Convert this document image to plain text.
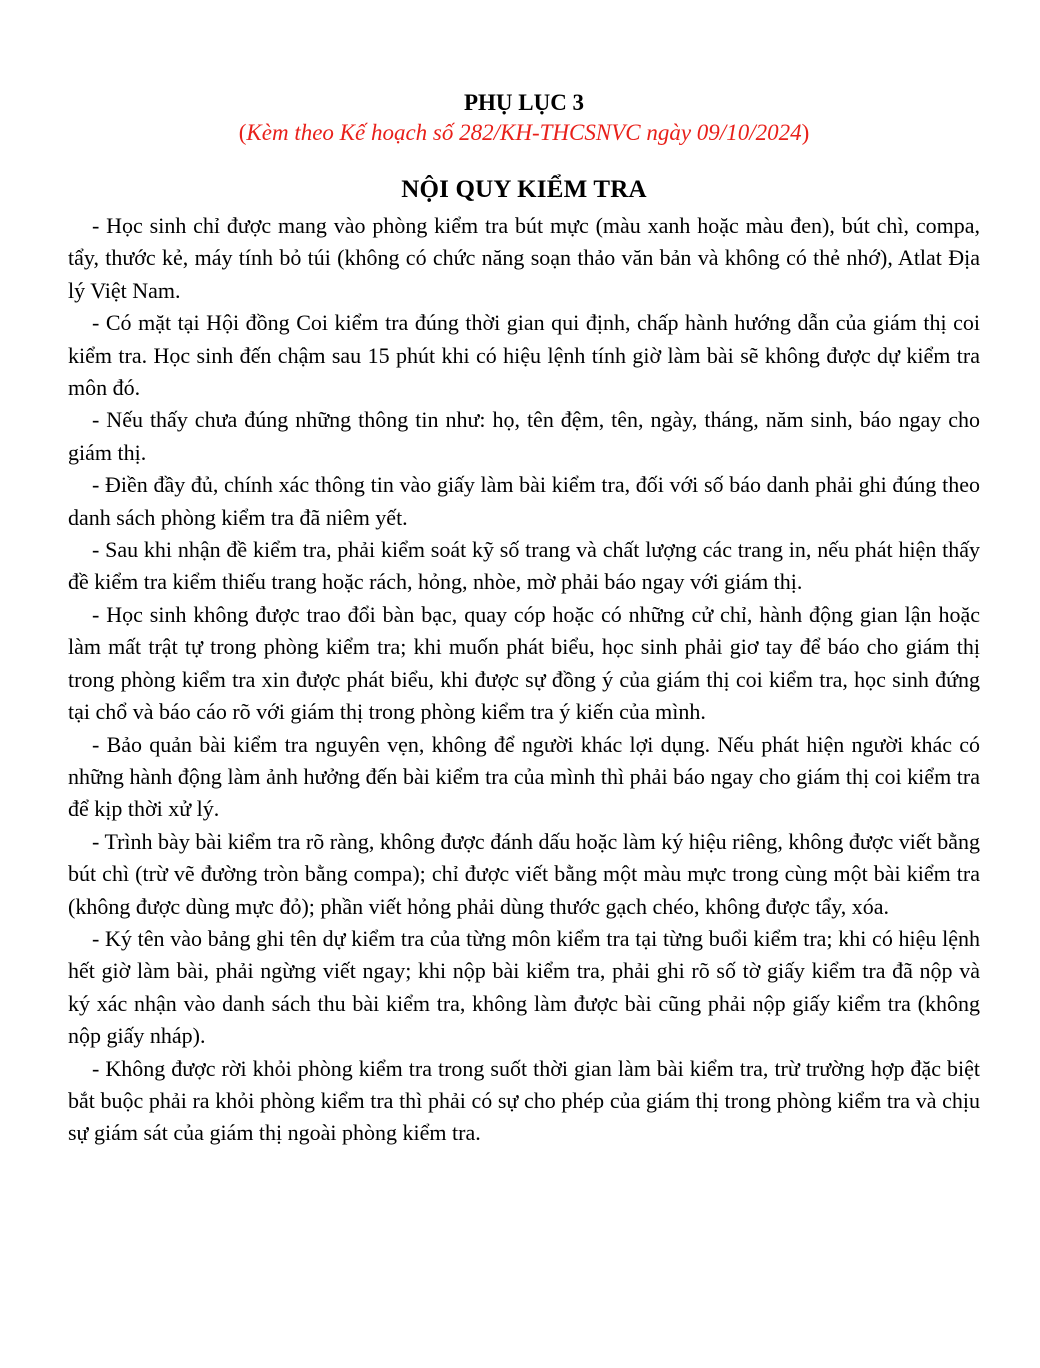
PHỤ LỤC 3

(Kèm theo Kế hoạch số 282/KH-THCSNVC ngày 09/10/2024)

NỘI QUY KIỂM TRA

- Học sinh chỉ được mang vào phòng kiểm tra bút mực (màu xanh hoặc màu đen), bút chì, compa, tẩy, thước kẻ, máy tính bỏ túi (không có chức năng soạn thảo văn bản và không có thẻ nhớ), Atlat Địa lý Việt Nam.

- Có mặt tại Hội đồng Coi kiểm tra đúng thời gian qui định, chấp hành hướng dẫn của giám thị coi kiểm tra. Học sinh đến chậm sau 15 phút khi có hiệu lệnh tính giờ làm bài sẽ không được dự kiểm tra môn đó.

- Nếu thấy chưa đúng những thông tin như: họ, tên đệm, tên, ngày, tháng, năm sinh, báo ngay cho giám thị.

- Điền đầy đủ, chính xác thông tin vào giấy làm bài kiểm tra, đối với số báo danh phải ghi đúng theo danh sách phòng kiểm tra đã niêm yết.

- Sau khi nhận đề kiểm tra, phải kiểm soát kỹ số trang và chất lượng các trang in, nếu phát hiện thấy đề kiểm tra kiểm thiếu trang hoặc rách, hỏng, nhòe, mờ phải báo ngay với giám thị.

- Học sinh không được trao đổi bàn bạc, quay cóp hoặc có những cử chỉ, hành động gian lận hoặc làm mất trật tự trong phòng kiểm tra; khi muốn phát biểu, học sinh phải giơ tay để báo cho giám thị trong phòng kiểm tra xin được phát biểu, khi được sự đồng ý của giám thị coi kiểm tra, học sinh đứng tại chổ và báo cáo rõ với giám thị trong phòng kiểm tra ý kiến của mình.

- Bảo quản bài kiểm tra nguyên vẹn, không để người khác lợi dụng. Nếu phát hiện người khác có những hành động làm ảnh hưởng đến bài kiểm tra của mình thì phải báo ngay cho giám thị coi kiểm tra để kịp thời xử lý.

- Trình bày bài kiểm tra rõ ràng, không được đánh dấu hoặc làm ký hiệu riêng, không được viết bằng bút chì (trừ vẽ đường tròn bằng compa); chỉ được viết bằng một màu mực trong cùng một bài kiểm tra (không được dùng mực đỏ); phần viết hỏng phải dùng thước gạch chéo, không được tẩy, xóa.

- Ký tên vào bảng ghi tên dự kiểm tra của từng môn kiểm tra tại từng buổi kiểm tra; khi có hiệu lệnh hết giờ làm bài, phải ngừng viết ngay; khi nộp bài kiểm tra, phải ghi rõ số tờ giấy kiểm tra đã nộp và ký xác nhận vào danh sách thu bài kiểm tra, không làm được bài cũng phải nộp giấy kiểm tra (không nộp giấy nháp).

- Không được rời khỏi phòng kiểm tra trong suốt thời gian làm bài kiểm tra, trừ trường hợp đặc biệt bắt buộc phải ra khỏi phòng kiểm tra thì phải có sự cho phép của giám thị trong phòng kiểm tra và chịu sự giám sát của giám thị ngoài phòng kiểm tra.
